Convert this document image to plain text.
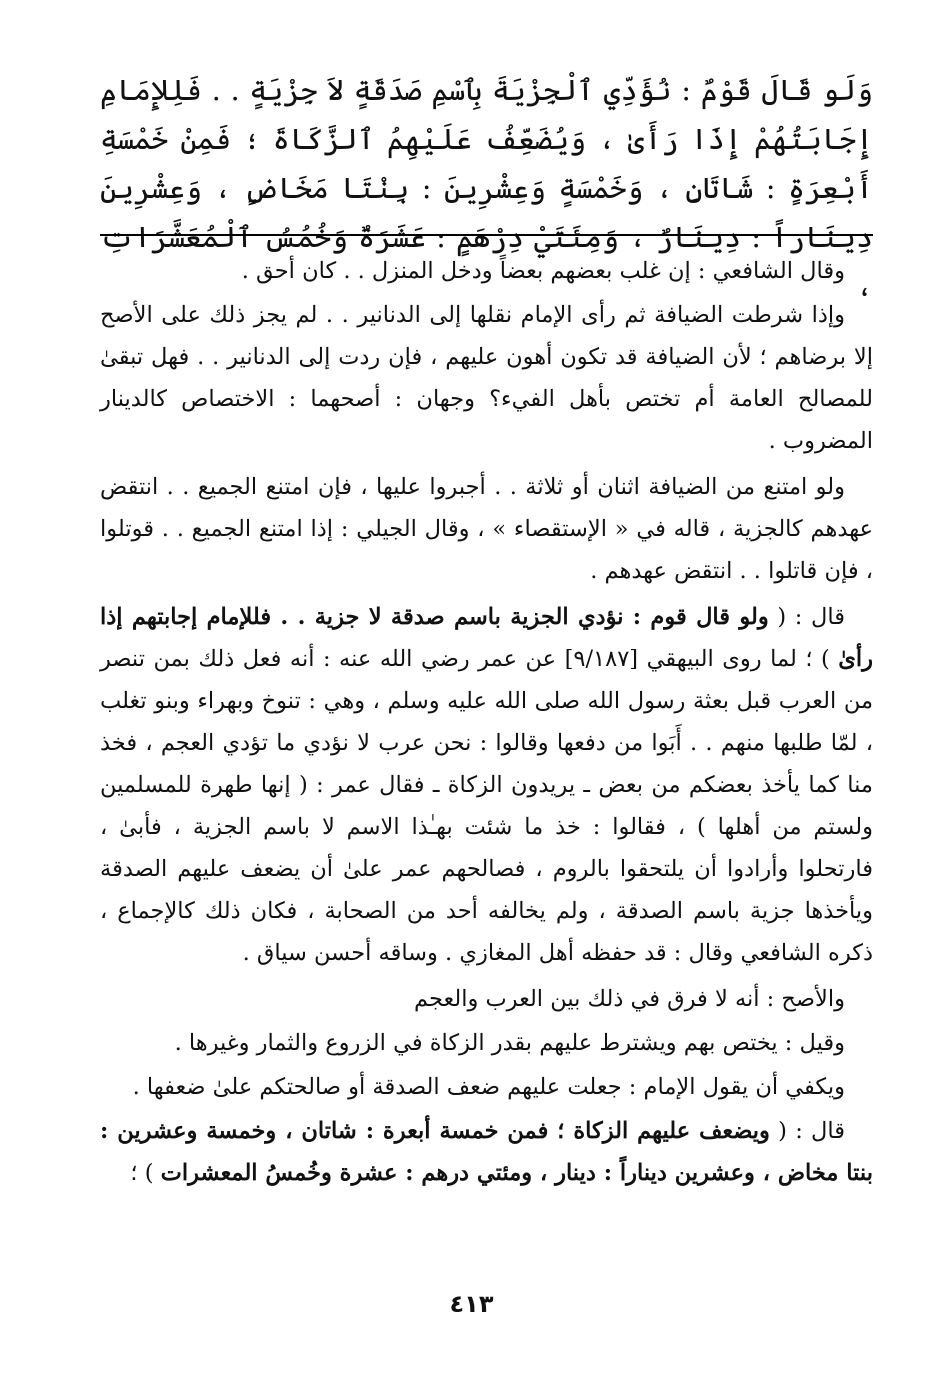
وَلَو قَالَ قَوْمٌ : نُؤَدِّي ٱلْجِزْيَةَ بِٱسْمِ صَدَقَةٍ لاَ جِزْيَةٍ . . فَلِلإِمَامِ إِجَابَتُهُمْ إِذَا رَأَىٰ ، وَيُضَعِّفُ عَلَيْهِمُ ٱلزَّكَاةَ ؛ فَمِنْ خَمْسَةِ أَبْعِرَةٍ : شَاتَانِ ، وَخَمْسَةٍ وَعِشْرِينَ : بِنْتَا مَخَاضٍ ، وَعِشْرِينَ دِينَاراً : دِينَارٌ ، وَمِئَتَيْ دِرْهَمٍ : عَشَرَةٌ وَخُمُسُ ٱلْمُعَشَّرَاتِ ،

وقال الشافعي : إن غلب بعضهم بعضاً ودخل المنزل . . كان أحق .

وإذا شرطت الضيافة ثم رأى الإمام نقلها إلى الدنانير . . لم يجز ذلك على الأصح إلا برضاهم ؛ لأن الضيافة قد تكون أهون عليهم ، فإن ردت إلى الدنانير . . فهل تبقىٰ للمصالح العامة أم تختص بأهل الفيء؟ وجهان : أصحهما : الاختصاص كالدينار المضروب .

ولو امتنع من الضيافة اثنان أو ثلاثة . . أجبروا عليها ، فإن امتنع الجميع . . انتقض عهدهم كالجزية ، قاله في « الإستقصاء » ، وقال الجيلي : إذا امتنع الجميع . . قوتلوا ، فإن قاتلوا . . انتقض عهدهم .

قال : ( ولو قال قوم : نؤدي الجزية باسم صدقة لا جزية . . فللإمام إجابتهم إذا رأىٰ ) ؛ لما روى البيهقي [٩/١٨٧] عن عمر رضي الله عنه : أنه فعل ذلك بمن تنصر من العرب قبل بعثة رسول الله صلى الله عليه وسلم ، وهي : تنوخ وبهراء وبنو تغلب ، لمّا طلبها منهم . . أَبَوا من دفعها وقالوا : نحن عرب لا نؤدي ما تؤدي العجم ، فخذ منا كما يأخذ بعضكم من بعض ـ يريدون الزكاة ـ فقال عمر : ( إنها طهرة للمسلمين ولستم من أهلها ) ، فقالوا : خذ ما شئت بهـٰذا الاسم لا باسم الجزية ، فأبىٰ ، فارتحلوا وأرادوا أن يلتحقوا بالروم ، فصالحهم عمر علىٰ أن يضعف عليهم الصدقة ويأخذها جزية باسم الصدقة ، ولم يخالفه أحد من الصحابة ، فكان ذلك كالإجماع ، ذكره الشافعي وقال : قد حفظه أهل المغازي . وساقه أحسن سياق .

والأصح : أنه لا فرق في ذلك بين العرب والعجم

وقيل : يختص بهم ويشترط عليهم بقدر الزكاة في الزروع والثمار وغيرها .

ويكفي أن يقول الإمام : جعلت عليهم ضعف الصدقة أو صالحتكم علىٰ ضعفها .

قال : ( ويضعف عليهم الزكاة ؛ فمن خمسة أبعرة : شاتان ، وخمسة وعشرين : بنتا مخاض ، وعشرين ديناراً : دينار ، ومئتي درهم : عشرة وخُمسُ المعشرات ) ؛

٤١٣
